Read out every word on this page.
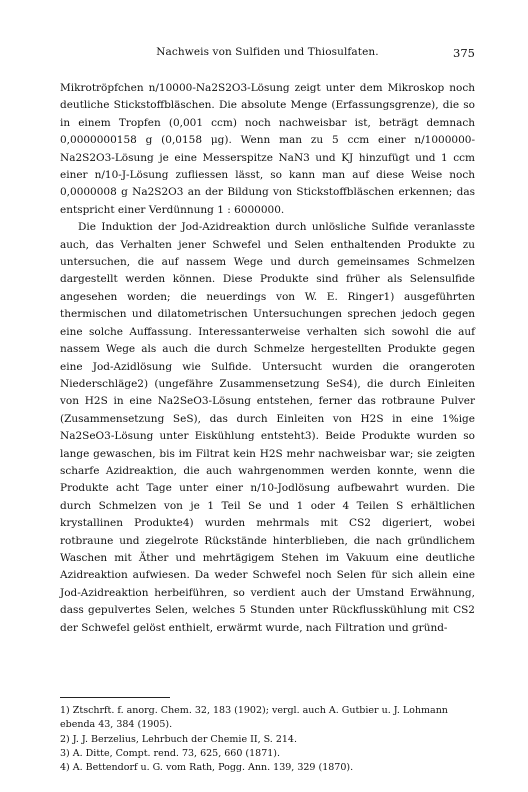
Nachweis von Sulfiden und Thiosulfaten.	375

Mikrotröpfchen n/10000-Na2S2O3-Lösung zeigt unter dem Mikroskop noch deutliche Stickstoffbläschen. Die absolute Menge (Erfassungsgrenze), die so in einem Tropfen (0,001 ccm) noch nachweisbar ist, beträgt demnach 0,0000000158 g (0,0158 μg). Wenn man zu 5 ccm einer n/1000000-Na2S2O3-Lösung je eine Messerspitze NaN3 und KJ hinzufügt und 1 ccm einer n/10-J-Lösung zufliessen lässt, so kann man auf diese Weise noch 0,0000008 g Na2S2O3 an der Bildung von Stickstoffbläschen erkennen; das entspricht einer Verdünnung 1 : 6000000.

Die Induktion der Jod-Azidreaktion durch unlösliche Sulfide veranlasste auch, das Verhalten jener Schwefel und Selen enthaltenden Produkte zu untersuchen, die auf nassem Wege und durch gemeinsames Schmelzen dargestellt werden können. Diese Produkte sind früher als Selensulfide angesehen worden; die neuerdings von W. E. Ringer1) ausgeführten thermischen und dilatometrischen Untersuchungen sprechen jedoch gegen eine solche Auffassung. Interessanterweise verhalten sich sowohl die auf nassem Wege als auch die durch Schmelze hergestellten Produkte gegen eine Jod-Azidlösung wie Sulfide. Untersucht wurden die orangeroten Niederschläge2) (ungefähre Zusammensetzung SeS4), die durch Einleiten von H2S in eine Na2SeO3-Lösung entstehen, ferner das rotbraune Pulver (Zusammensetzung SeS), das durch Einleiten von H2S in eine 1%ige Na2SeO3-Lösung unter Eiskühlung entsteht3). Beide Produkte wurden so lange gewaschen, bis im Filtrat kein H2S mehr nachweisbar war; sie zeigten scharfe Azidreaktion, die auch wahrgenommen werden konnte, wenn die Produkte acht Tage unter einer n/10-Jodlösung aufbewahrt wurden. Die durch Schmelzen von je 1 Teil Se und 1 oder 4 Teilen S erhältlichen krystallinen Produkte4) wurden mehrmals mit CS2 digeriert, wobei rotbraune und ziegelrote Rückstände hinterblieben, die nach gründlichem Waschen mit Äther und mehrtägigem Stehen im Vakuum eine deutliche Azidreaktion aufwiesen. Da weder Schwefel noch Selen für sich allein eine Jod-Azidreaktion herbeiführen, so verdient auch der Umstand Erwähnung, dass gepulvertes Selen, welches 5 Stunden unter Rückflusskühlung mit CS2 der Schwefel gelöst enthielt, erwärmt wurde, nach Filtration und gründ-

1) Ztschrft. f. anorg. Chem. 32, 183 (1902); vergl. auch A. Gutbier u. J. Lohmann ebenda 43, 384 (1905).

2) J. J. Berzelius, Lehrbuch der Chemie II, S. 214.

3) A. Ditte, Compt. rend. 73, 625, 660 (1871).

4) A. Bettendorf u. G. vom Rath, Pogg. Ann. 139, 329 (1870).
